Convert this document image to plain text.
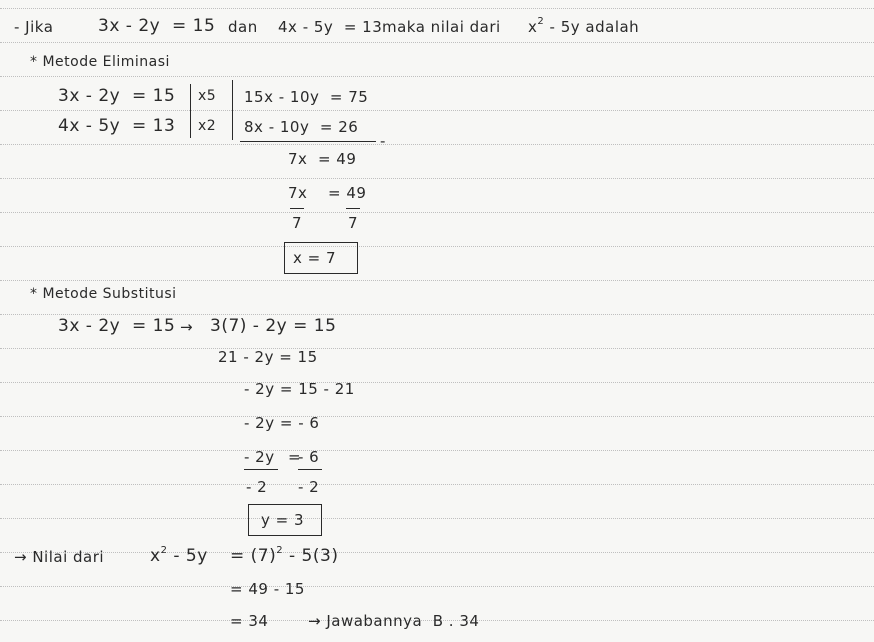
- Jika	3x - 2y  = 15 dan 4x - 5y  = 13 maka nilai dari $x^2 - 5y$ adalah
* Metode Eliminasi
3x - 2y  = 15
4x - 5y  = 13
x5
x2
15x - 10y  = 75
8x - 10y  = 26
-
7x  = 49
7x = 49
7	7
x = 7
* Metode Substitusi
3x - 2y  = 15 → 3(7) - 2y = 15
21 - 2y = 15
- 2y = 15 - 21
- 2y = - 6
- 2y =
- 6
- 2 - 2
y = 3
→ Nilai dari	$x^2 - 5y = (7)^2 - 5(3)$
= 49 - 15
= 34	→ Jawabannya  B . 34
